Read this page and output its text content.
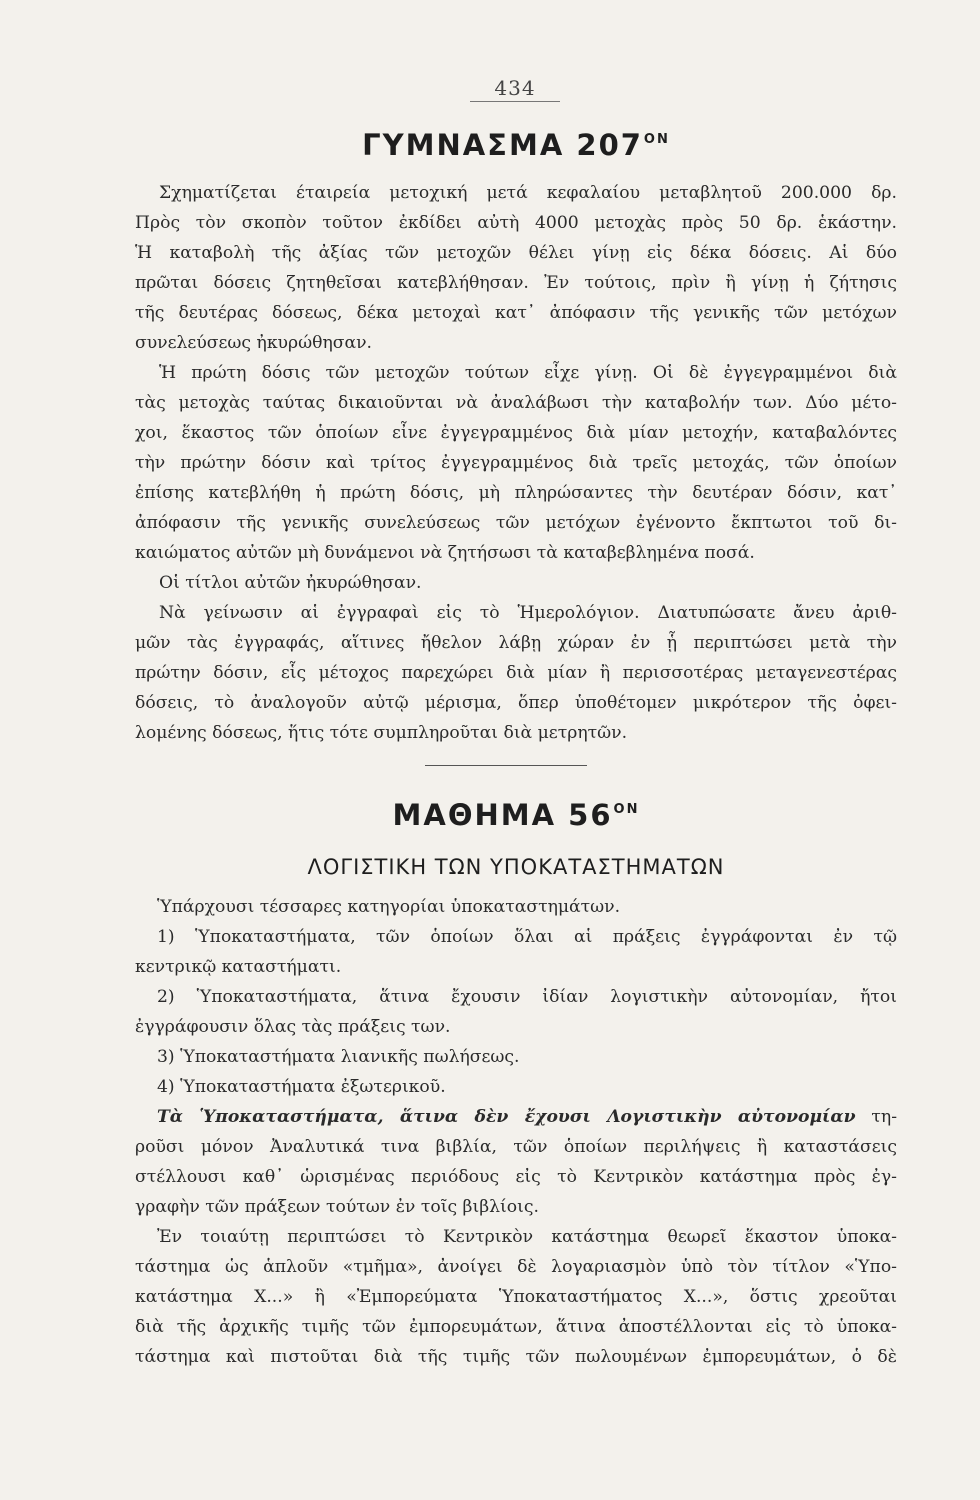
434
ΓΥΜΝΑΣΜΑ $207^{ON}$
Σχηματίζεται έταιρεία μετοχική μετά κεφαλαίου μεταβλητοῦ 200.000 δρ.
Πρὸς τὸν σκοπὸν τοῦτον ἐκδίδει αὐτὴ 4000 μετοχὰς πρὸς 50 δρ. ἑκάστην.
Ἡ καταβολὴ τῆς ἀξίας τῶν μετοχῶν θέλει γίνῃ εἰς δέκα δόσεις. Αἱ δύο
πρῶται δόσεις ζητηθεῖσαι κατεβλήθησαν. Ἐν τούτοις, πρὶν ἢ γίνῃ ἡ ζήτησις
τῆς δευτέρας δόσεως, δέκα μετοχαὶ κατ᾽ ἀπόφασιν τῆς γενικῆς τῶν μετόχων
συνελεύσεως ἠκυρώθησαν.
Ἡ πρώτη δόσις τῶν μετοχῶν τούτων εἶχε γίνῃ. Οἱ δὲ ἐγγεγραμμένοι διὰ
τὰς μετοχὰς ταύτας δικαιοῦνται νὰ ἀναλάβωσι τὴν καταβολήν των. Δύο μέτο-
χοι, ἕκαστος τῶν ὁποίων εἶνε ἐγγεγραμμένος διὰ μίαν μετοχήν, καταβαλόντες
τὴν πρώτην δόσιν καὶ τρίτος ἐγγεγραμμένος διὰ τρεῖς μετοχάς, τῶν ὁποίων
ἐπίσης κατεβλήθη ἡ πρώτη δόσις, μὴ πληρώσαντες τὴν δευτέραν δόσιν, κατ᾽
ἀπόφασιν τῆς γενικῆς συνελεύσεως τῶν μετόχων ἐγένοντο ἔκπτωτοι τοῦ δι-
καιώματος αὐτῶν μὴ δυνάμενοι νὰ ζητήσωσι τὰ καταβεβλημένα ποσά.
Οἱ τίτλοι αὐτῶν ἠκυρώθησαν.
Νὰ γείνωσιν αἱ ἐγγραφαὶ εἰς τὸ Ἡμερολόγιον. Διατυπώσατε ἄνευ ἀριθ-
μῶν τὰς ἐγγραφάς, αἵτινες ἤθελον λάβῃ χώραν ἐν ᾗ περιπτώσει μετὰ τὴν
πρώτην δόσιν, εἷς μέτοχος παρεχώρει διὰ μίαν ἢ περισσοτέρας μεταγενεστέρας
δόσεις, τὸ ἀναλογοῦν αὐτῷ μέρισμα, ὅπερ ὑποθέτομεν μικρότερον τῆς ὀφει-
λομένης δόσεως, ἥτις τότε συμπληροῦται διὰ μετρητῶν.
ΜΑΘΗΜΑ $56^{ON}$
ΛΟΓΙΣΤΙΚΗ ΤΩΝ ΥΠΟΚΑΤΑΣΤΗΜΑΤΩΝ
Ὑπάρχουσι τέσσαρες κατηγορίαι ὑποκαταστημάτων.
1) Ὑποκαταστήματα, τῶν ὁποίων ὅλαι αἱ πράξεις ἐγγράφονται ἐν τῷ
κεντρικῷ καταστήματι.
2) Ὑποκαταστήματα, ἅτινα ἔχουσιν ἰδίαν λογιστικὴν αὐτονομίαν, ἤτοι
ἐγγράφουσιν ὅλας τὰς πράξεις των.
3) Ὑποκαταστήματα λιανικῆς πωλήσεως.
4) Ὑποκαταστήματα ἐξωτερικοῦ.
Τὰ Ὑποκαταστήματα, ἅτινα δὲν ἔχουσι Λογιστικὴν αὐτονομίαν τη-
ροῦσι μόνον Ἀναλυτικά τινα βιβλία, τῶν ὁποίων περιλήψεις ἢ καταστάσεις
στέλλουσι καθ᾽ ὡρισμένας περιόδους εἰς τὸ Κεντρικὸν κατάστημα πρὸς ἐγ-
γραφὴν τῶν πράξεων τούτων ἐν τοῖς βιβλίοις.
Ἐν τοιαύτῃ περιπτώσει τὸ Κεντρικὸν κατάστημα θεωρεῖ ἕκαστον ὑποκα-
τάστημα ὡς ἁπλοῦν «τμῆμα», ἀνοίγει δὲ λογαριασμὸν ὑπὸ τὸν τίτλον «Ὑπο-
κατάστημα Χ...» ἢ «Ἐμπορεύματα Ὑποκαταστήματος Χ...», ὅστις χρεοῦται
διὰ τῆς ἀρχικῆς τιμῆς τῶν ἐμπορευμάτων, ἅτινα ἀποστέλλονται εἰς τὸ ὑποκα-
τάστημα καὶ πιστοῦται διὰ τῆς τιμῆς τῶν πωλουμένων ἐμπορευμάτων, ὁ δὲ
